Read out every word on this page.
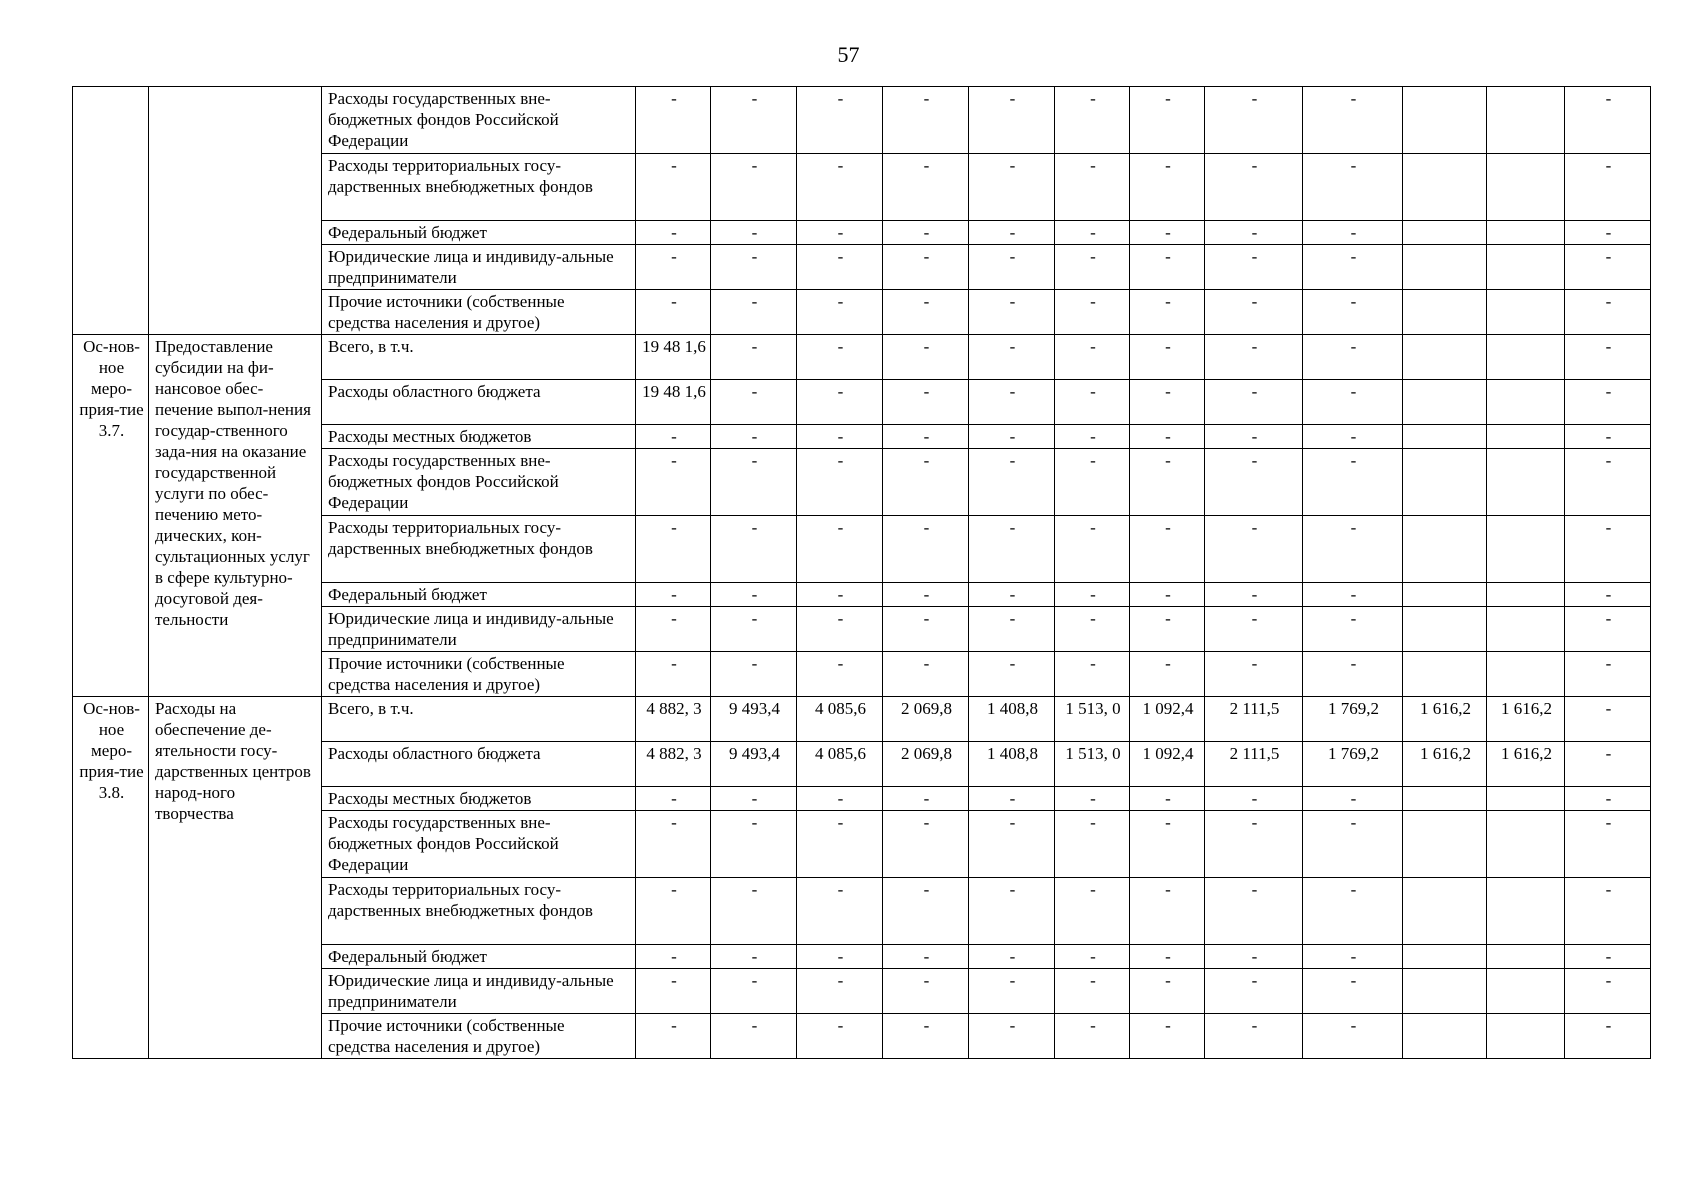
57
		Расходы государственных вне-бюджетных фондов Российской Федерации	-	-	-	-	-	-	-	-	-			-
		Расходы территориальных госу-дарственных внебюджетных фондов	-	-	-	-	-	-	-	-	-			-
		Федеральный бюджет	-	-	-	-	-	-	-	-	-			-
		Юридические лица и индивиду-альные предприниматели	-	-	-	-	-	-	-	-	-			-
		Прочие источники (собственные средства населения и другое)	-	-	-	-	-	-	-	-	-			-
Ос-нов-ное меро-прия-тие 3.7.	Предоставление субсидии на фи-нансовое обес-печение выпол-нения государ-ственного зада-ния на оказание государственной услуги по обес-печению мето-дических, кон-сультационных услуг в сфере культурно-досуговой дея-тельности	Всего, в т.ч.	19 48 1,6	-	-	-	-	-	-	-	-			-
		Расходы областного бюджета	19 48 1,6	-	-	-	-	-	-	-	-			-
		Расходы местных бюджетов	-	-	-	-	-	-	-	-	-			-
		Расходы государственных вне-бюджетных фондов Российской Федерации	-	-	-	-	-	-	-	-	-			-
		Расходы территориальных госу-дарственных внебюджетных фондов	-	-	-	-	-	-	-	-	-			-
		Федеральный бюджет	-	-	-	-	-	-	-	-	-			-
		Юридические лица и индивиду-альные предприниматели	-	-	-	-	-	-	-	-	-			-
		Прочие источники (собственные средства населения и другое)	-	-	-	-	-	-	-	-	-			-
Ос-нов-ное меро-прия-тие 3.8.	Расходы на обеспечение де-ятельности госу-дарственных центров народ-ного творчества	Всего, в т.ч.	4 882, 3	9 493,4	4 085,6	2 069,8	1 408,8	1 513, 0	1 092,4	2 111,5	1 769,2	1 616,2	1 616,2	-
		Расходы областного бюджета	4 882, 3	9 493,4	4 085,6	2 069,8	1 408,8	1 513, 0	1 092,4	2 111,5	1 769,2	1 616,2	1 616,2	-
		Расходы местных бюджетов	-	-	-	-	-	-	-	-	-			-
		Расходы государственных вне-бюджетных фондов Российской Федерации	-	-	-	-	-	-	-	-	-			-
		Расходы территориальных госу-дарственных внебюджетных фондов	-	-	-	-	-	-	-	-	-			-
		Федеральный бюджет	-	-	-	-	-	-	-	-	-			-
		Юридические лица и индивиду-альные предприниматели	-	-	-	-	-	-	-	-	-			-
		Прочие источники (собственные средства населения и другое)	-	-	-	-	-	-	-	-	-			-
